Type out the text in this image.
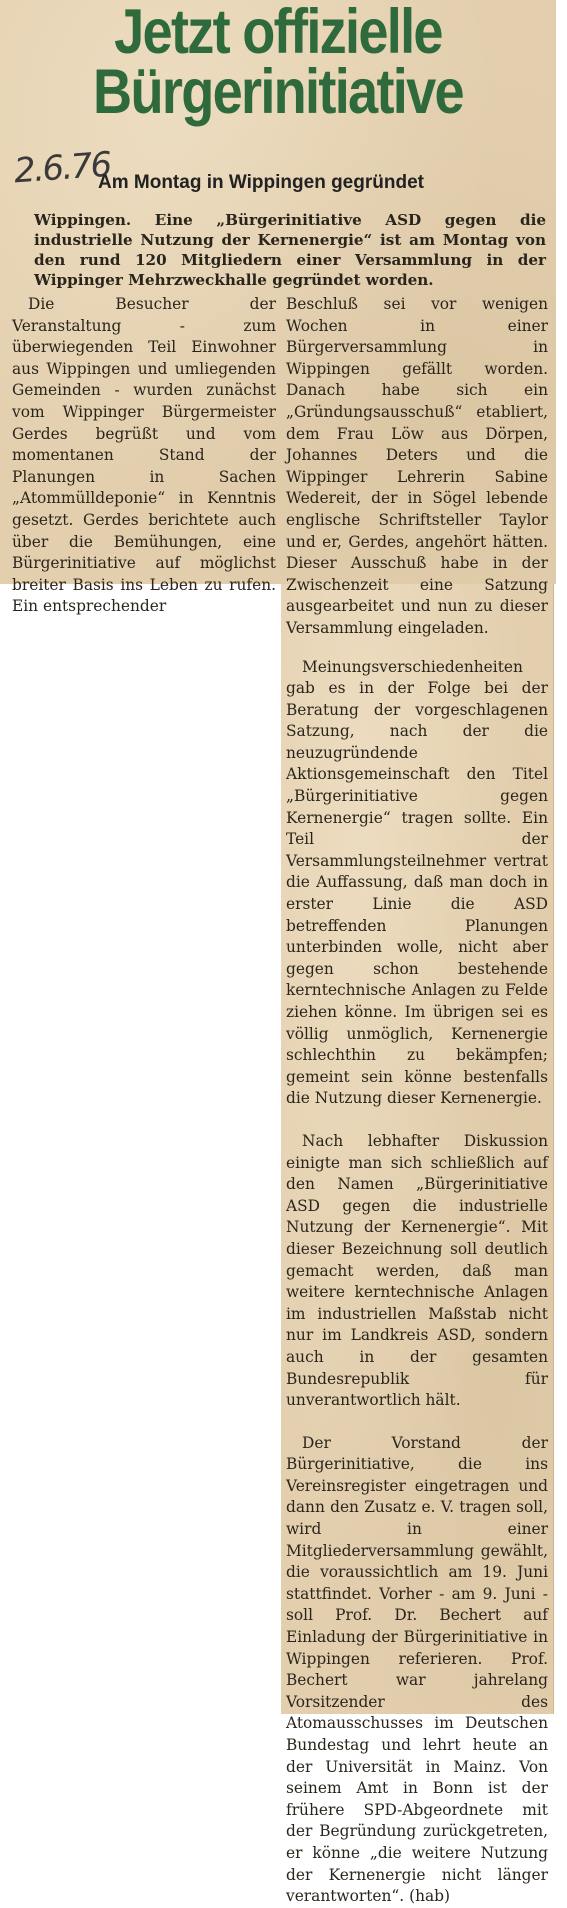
Jetzt offizielle
Bürgerinitiative
2.6.76
Am Montag in Wippingen gegründet

Wippingen. Eine „Bürgerinitiative ASD gegen die industrielle Nutzung der Kernenergie“ ist am Montag von den rund 120 Mitgliedern einer Versammlung in der Wippinger Mehrzweckhalle gegründet worden.

Die Besucher der Veranstaltung - zum überwiegenden Teil Einwohner aus Wippingen und umliegenden Gemeinden - wurden zunächst vom Wippinger Bürgermeister Gerdes begrüßt und vom momentanen Stand der Planungen in Sachen „Atommülldeponie“ in Kenntnis gesetzt. Gerdes berichtete auch über die Bemühungen, eine Bürgerinitiative auf möglichst breiter Basis ins Leben zu rufen. Ein entsprechender

Beschluß sei vor wenigen Wochen in einer Bürgerversammlung in Wippingen gefällt worden. Danach habe sich ein „Gründungsausschuß“ etabliert, dem Frau Löw aus Dörpen, Johannes Deters und die Wippinger Lehrerin Sabine Wedereit, der in Sögel lebende englische Schriftsteller Taylor und er, Gerdes, angehört hätten. Dieser Ausschuß habe in der Zwischenzeit eine Satzung ausgearbeitet und nun zu dieser Versammlung eingeladen.

Meinungsverschiedenheiten gab es in der Folge bei der Beratung der vorgeschlagenen Satzung, nach der die neuzugründende Aktionsgemeinschaft den Titel „Bürgerinitiative gegen Kernenergie“ tragen sollte. Ein Teil der Versammlungsteilnehmer vertrat die Auffassung, daß man doch in erster Linie die ASD betreffenden Planungen unterbinden wolle, nicht aber gegen schon bestehende kerntechnische Anlagen zu Felde ziehen könne. Im übrigen sei es völlig unmöglich, Kernenergie schlechthin zu bekämpfen; gemeint sein könne bestenfalls die Nutzung dieser Kernenergie.

Nach lebhafter Diskussion einigte man sich schließlich auf den Namen „Bürgerinitiative ASD gegen die industrielle Nutzung der Kernenergie“. Mit dieser Bezeichnung soll deutlich gemacht werden, daß man weitere kerntechnische Anlagen im industriellen Maßstab nicht nur im Landkreis ASD, sondern auch in der gesamten Bundesrepublik für unverantwortlich hält.

Der Vorstand der Bürgerinitiative, die ins Vereinsregister eingetragen und dann den Zusatz e. V. tragen soll, wird in einer Mitgliederversammlung gewählt, die voraussichtlich am 19. Juni stattfindet. Vorher - am 9. Juni - soll Prof. Dr. Bechert auf Einladung der Bürgerinitiative in Wippingen referieren. Prof. Bechert war jahrelang Vorsitzender des Atomausschusses im Deutschen Bundestag und lehrt heute an der Universität in Mainz. Von seinem Amt in Bonn ist der frühere SPD-Abgeordnete mit der Begründung zurückgetreten, er könne „die weitere Nutzung der Kernenergie nicht länger verantworten“. (hab)
